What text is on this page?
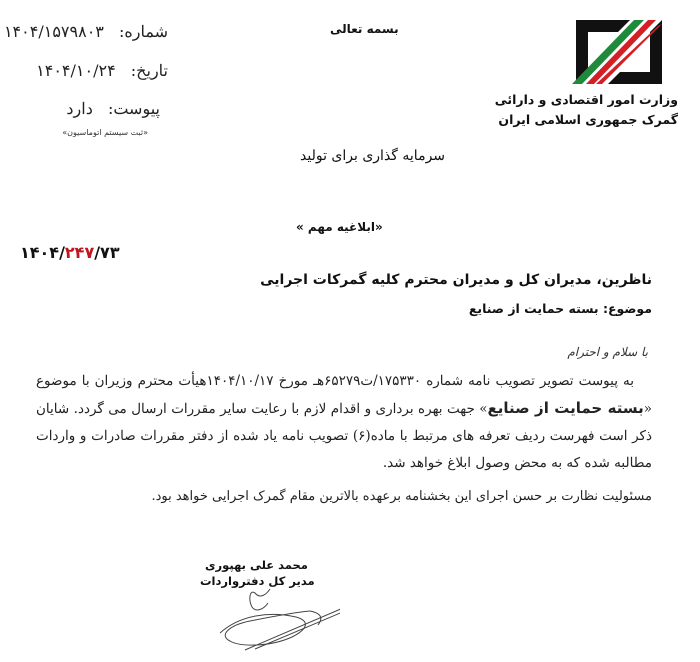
شماره: ۱۴۰۴/۱۵۷۹۸۰۳
تاریخ: ۱۴۰۴/۱۰/۲۴
پیوست: دارد
«ثبت سیستم اتوماسیون»
بسمه تعالی
وزارت امور اقتصادی و دارائی
گمرک جمهوری اسلامی ایران
سرمایه گذاری برای تولید
«ابلاغیه مهم »
۱۴۰۴/۲۴۷/۷۳
ناظرین، مدیران کل و مدیران محترم کلیه گمرکات اجرایی
موضوع: بسته حمایت از صنایع
با سلام و احترام
به پیوست تصویر تصویب نامه شماره ۱۷۵۳۳۰/ت۶۵۲۷۹هـ مورخ ۱۴۰۴/۱۰/۱۷هیأت محترم وزیران با موضوع «بسته حمایت از صنایع» جهت بهره برداری و اقدام لازم با رعایت سایر مقررات ارسال می گردد. شایان ذکر است فهرست ردیف تعرفه های مرتبط با ماده(۶) تصویب نامه یاد شده از دفتر مقررات صادرات و واردات مطالبه شده که به محض وصول ابلاغ خواهد شد.
مسئولیت نظارت بر حسن اجرای این بخشنامه برعهده بالاترین مقام گمرک اجرایی خواهد بود.
محمد علی بهپوری
مدیر کل دفترواردات
